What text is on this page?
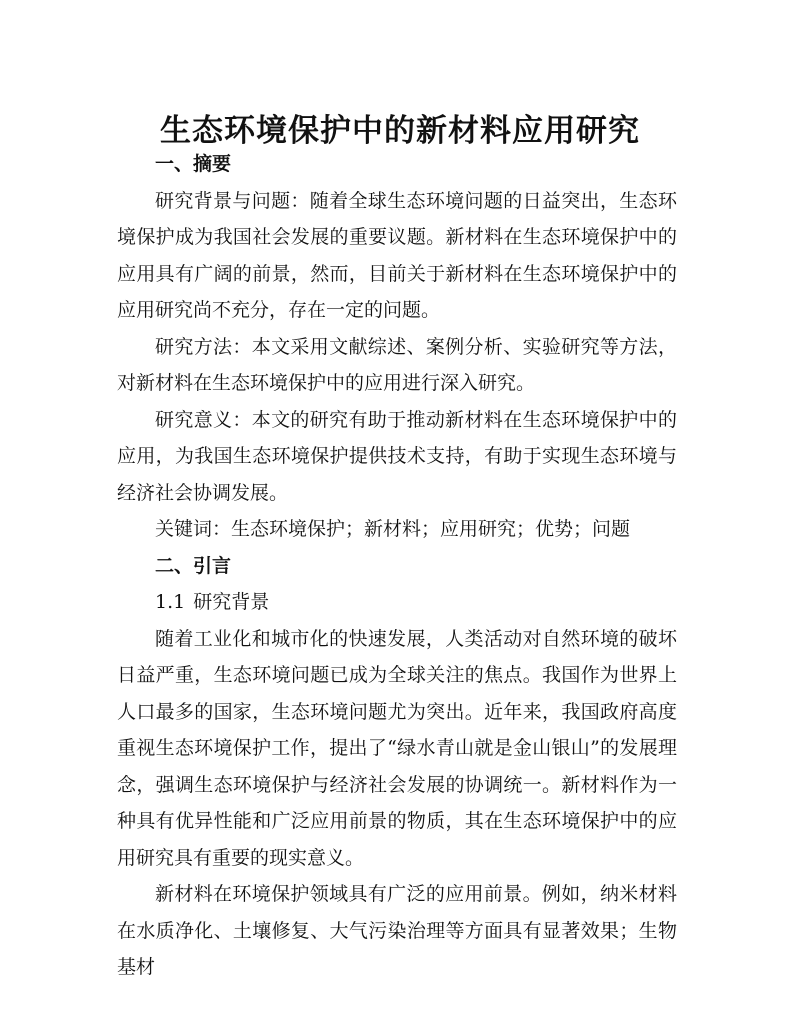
生态环境保护中的新材料应用研究
一、摘要

研究背景与问题：随着全球生态环境问题的日益突出，生态环境保护成为我国社会发展的重要议题。新材料在生态环境保护中的应用具有广阔的前景，然而，目前关于新材料在生态环境保护中的应用研究尚不充分，存在一定的问题。

研究方法：本文采用文献综述、案例分析、实验研究等方法，对新材料在生态环境保护中的应用进行深入研究。

研究意义：本文的研究有助于推动新材料在生态环境保护中的应用，为我国生态环境保护提供技术支持，有助于实现生态环境与经济社会协调发展。

关键词：生态环境保护；新材料；应用研究；优势；问题

二、引言

1.1 研究背景

随着工业化和城市化的快速发展，人类活动对自然环境的破坏日益严重，生态环境问题已成为全球关注的焦点。我国作为世界上人口最多的国家，生态环境问题尤为突出。近年来，我国政府高度重视生态环境保护工作，提出了“绿水青山就是金山银山”的发展理念，强调生态环境保护与经济社会发展的协调统一。新材料作为一种具有优异性能和广泛应用前景的物质，其在生态环境保护中的应用研究具有重要的现实意义。

新材料在环境保护领域具有广泛的应用前景。例如，纳米材料在水质净化、土壤修复、大气污染治理等方面具有显著效果；生物基材
